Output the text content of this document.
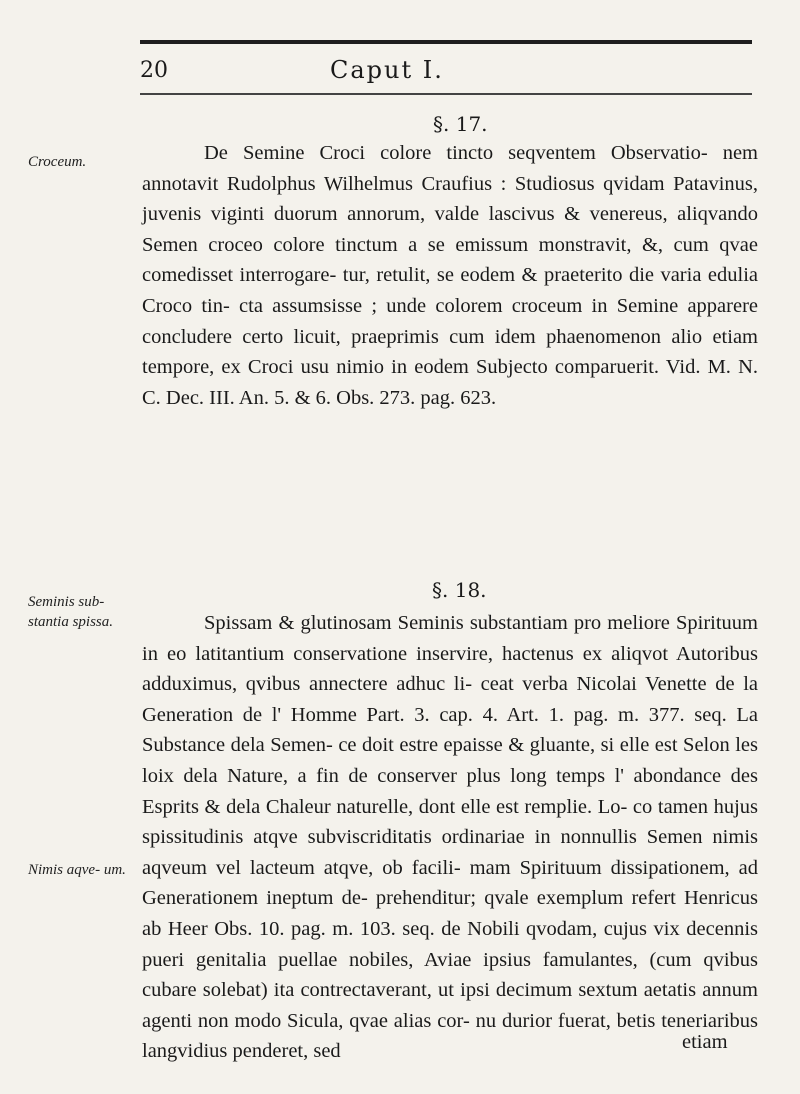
20	Caput I.
Croceum.
Seminis sub- stantia spissa.
Nimis aqve- um.
§. 17.
De Semine Croci colore tincto seqventem Observatio- nem annotavit Rudolphus Wilhelmus Craufius : Studiosus qvidam Patavinus, juvenis viginti duorum annorum, valde lascivus & venereus, aliqvando Semen croceo colore tinctum a se emissum monstravit, &, cum qvae comedisset interrogare- tur, retulit, se eodem & praeterito die varia edulia Croco tin- cta assumsisse ; unde colorem croceum in Semine apparere concludere certo licuit, praeprimis cum idem phaenomenon alio etiam tempore, ex Croci usu nimio in eodem Subjecto comparuerit. Vid. M. N. C. Dec. III. An. 5. & 6. Obs. 273. pag. 623.
§. 18.
Spissam & glutinosam Seminis substantiam pro meliore Spirituum in eo latitantium conservatione inservire, hactenus ex aliqvot Autoribus adduximus, qvibus annectere adhuc li- ceat verba Nicolai Venette de la Generation de l' Homme Part. 3. cap. 4. Art. 1. pag. m. 377. seq. La Substance dela Semen- ce doit estre epaisse & gluante, si elle est Selon les loix dela Nature, a fin de conserver plus long temps l' abondance des Esprits & dela Chaleur naturelle, dont elle est remplie. Lo- co tamen hujus spissitudinis atqve subviscriditatis ordinariae in nonnullis Semen nimis aqveum vel lacteum atqve, ob facili- mam Spirituum dissipationem, ad Generationem ineptum de- prehenditur; qvale exemplum refert Henricus ab Heer Obs. 10. pag. m. 103. seq. de Nobili qvodam, cujus vix decennis pueri genitalia puellae nobiles, Aviae ipsius famulantes, (cum qvibus cubare solebat) ita contrectaverant, ut ipsi decimum sextum aetatis annum agenti non modo Sicula, qvae alias cor- nu durior fuerat, betis teneriaribus langvidius penderet, sed	etiam
